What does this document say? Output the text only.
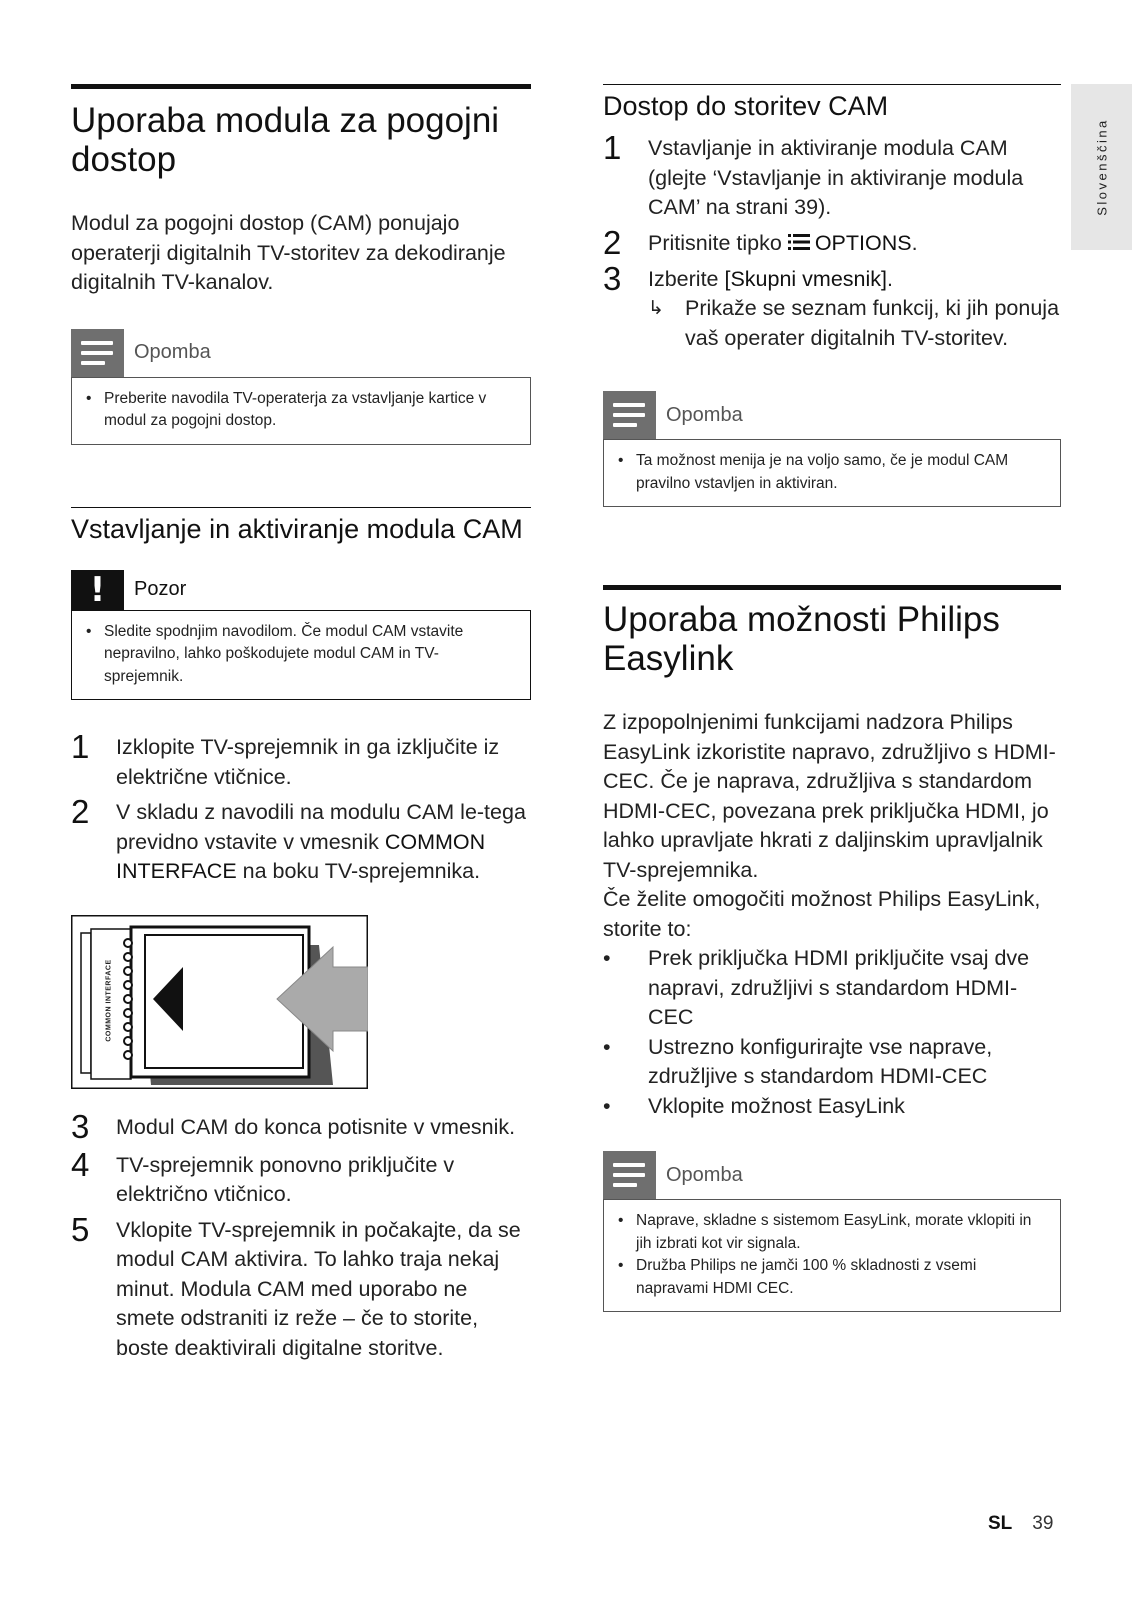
Slovenščina
Uporaba modula za pogojni dostop

Modul za pogojni dostop (CAM) ponujajo operaterji digitalnih TV-storitev za dekodiranje digitalnih TV-kanalov.

Opomba
• Preberite navodila TV-operaterja za vstavljanje kartice v modul za pogojni dostop.
Vstavljanje in aktiviranje modula CAM
!	Pozor
• Sledite spodnjim navodilom. Če modul CAM vstavite nepravilno, lahko poškodujete modul CAM in TV-sprejemnik.
1 Izklopite TV-sprejemnik in ga izključite iz električne vtičnice.
2 V skladu z navodili na modulu CAM le-tega previdno vstavite v vmesnik COMMON INTERFACE na boku TV-sprejemnika.
COMMON INTERFACE
3 Modul CAM do konca potisnite v vmesnik.
4 TV-sprejemnik ponovno priključite v električno vtičnico.
5 Vklopite TV-sprejemnik in počakajte, da se modul CAM aktivira. To lahko traja nekaj minut. Modula CAM med uporabo ne smete odstraniti iz reže – če to storite, boste deaktivirali digitalne storitve.
Dostop do storitev CAM
1 Vstavljanje in aktiviranje modula CAM (glejte ‘Vstavljanje in aktiviranje modula CAM’ na strani 39).
2 Pritisnite tipko OPTIONS.
3 Izberite [Skupni vmesnik].
↳ Prikaže se seznam funkcij, ki jih ponuja vaš operater digitalnih TV-storitev.
Opomba
• Ta možnost menija je na voljo samo, če je modul CAM pravilno vstavljen in aktiviran.
Uporaba možnosti Philips Easylink

Z izpopolnjenimi funkcijami nadzora Philips EasyLink izkoristite napravo, združljivo s HDMI-CEC. Če je naprava, združljiva s standardom HDMI-CEC, povezana prek priključka HDMI, jo lahko upravljate hkrati z daljinskim upravljalnik TV-sprejemnika.

Če želite omogočiti možnost Philips EasyLink, storite to:

• Prek priključka HDMI priključite vsaj dve napravi, združljivi s standardom HDMI-CEC
• Ustrezno konfigurirajte vse naprave, združljive s standardom HDMI-CEC
• Vklopite možnost EasyLink
Opomba
• Naprave, skladne s sistemom EasyLink, morate vklopiti in jih izbrati kot vir signala.
• Družba Philips ne jamči 100 % skladnosti z vsemi napravami HDMI CEC.
SL 39
